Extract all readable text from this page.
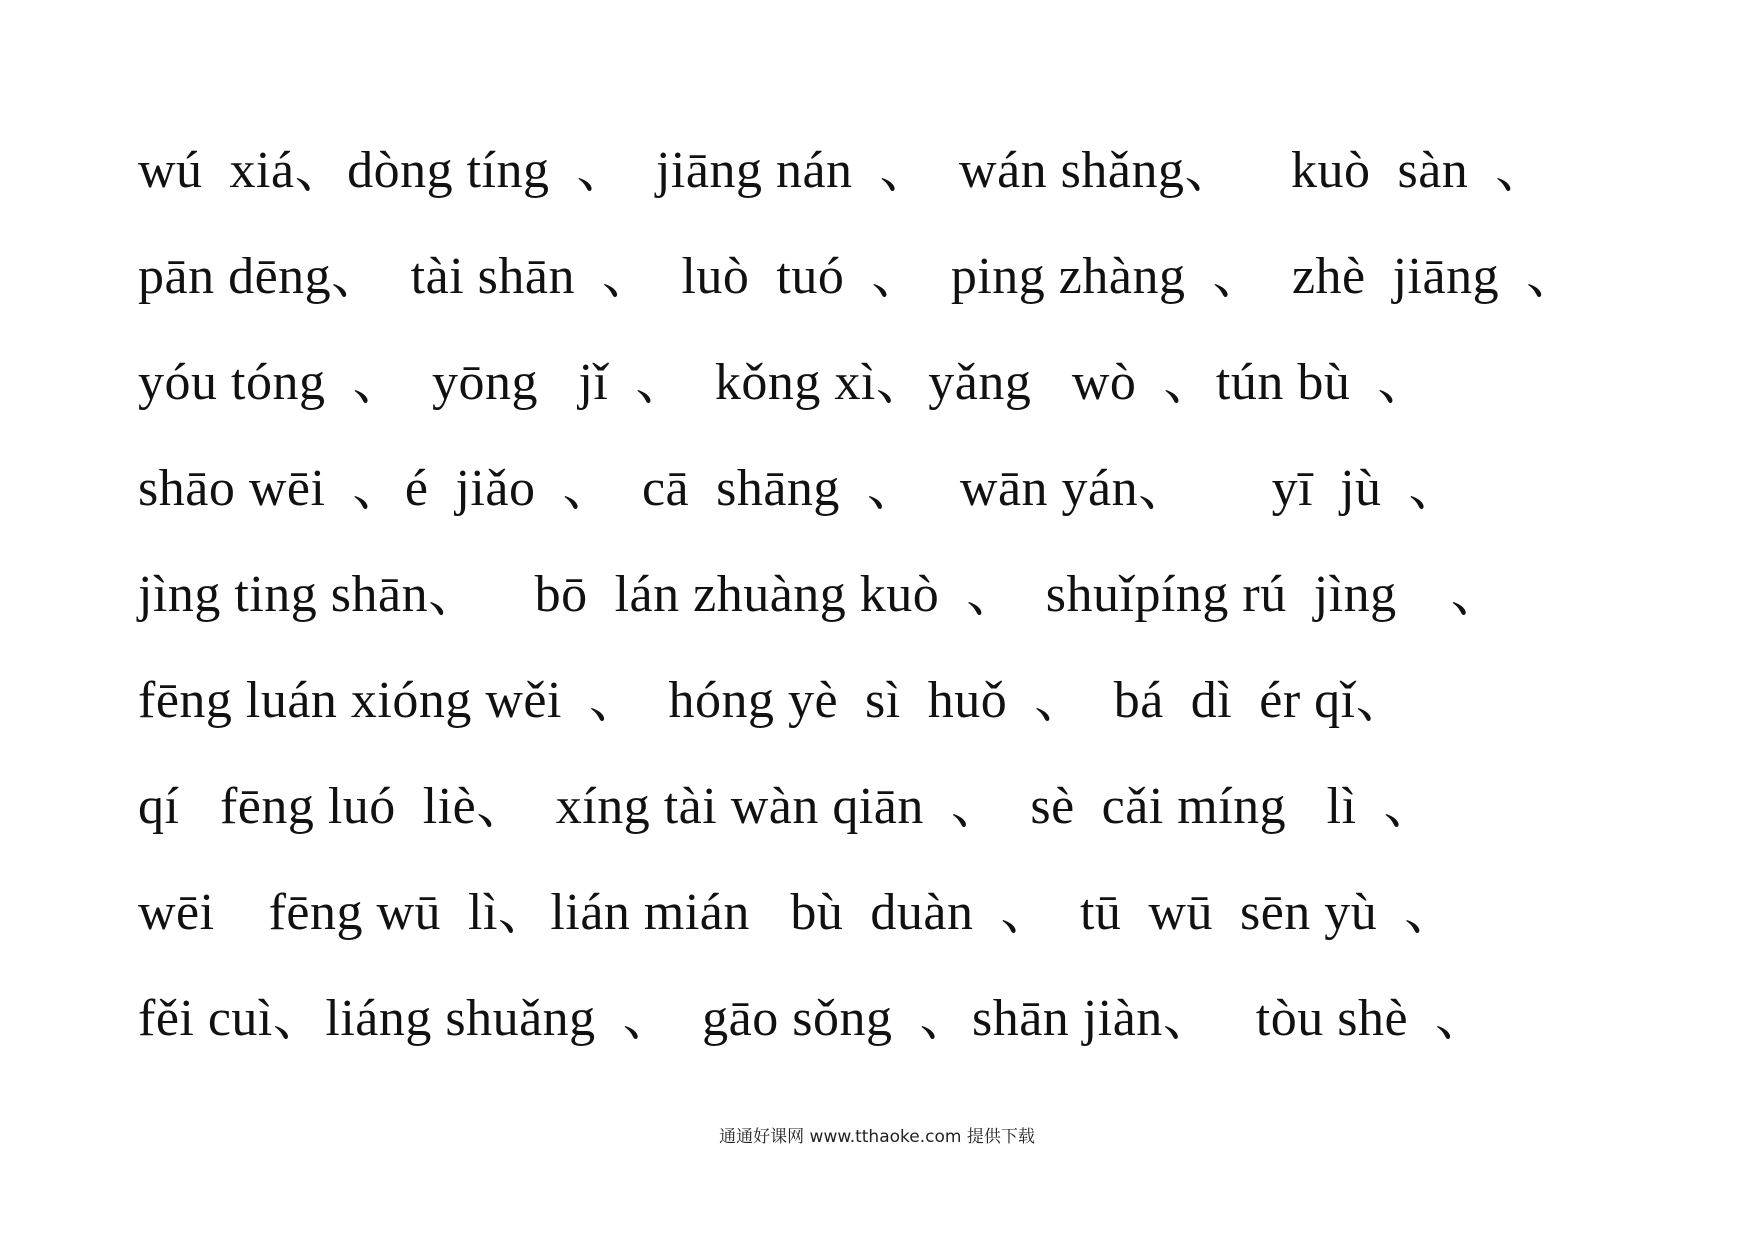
wú  xiá、dòng tíng  、  jiāng nán  、  wán shǎng、    kuò  sàn  、
pān dēng、  tài shān  、  luò  tuó  、  ping zhàng  、  zhè  jiāng  、
yóu tóng  、  yōng   jǐ  、  kǒng xì、yǎng   wò  、tún bù  、
shāo wēi  、é  jiǎo  、  cā  shāng  、   wān yán、      yī  jù  、
jìng ting shān、    bō  lán zhuàng kuò  、  shuǐpíng rú  jìng    、
fēng luán xióng wěi  、  hóng yè  sì  huǒ  、  bá  dì  ér qǐ、
qí   fēng luó  liè、  xíng tài wàn qiān  、  sè  cǎi míng   lì  、
wēi    fēng wū  lì、lián mián   bù  duàn  、  tū  wū  sēn yù  、
fěi cuì、liáng shuǎng  、  gāo sǒng  、shān jiàn、   tòu shè  、
通通好课网 www.tthaoke.com 提供下载
